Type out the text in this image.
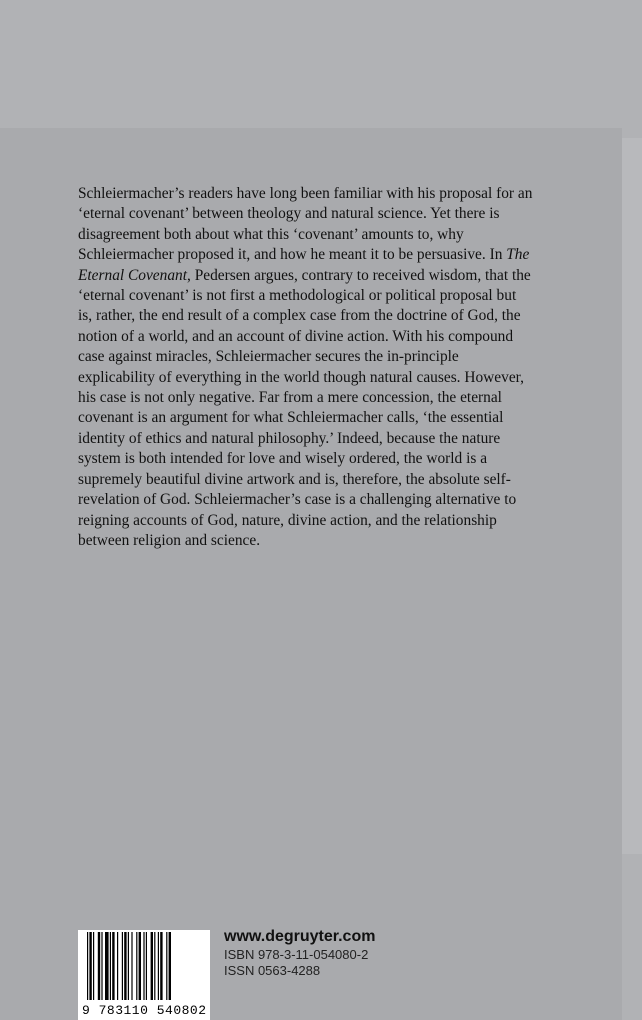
Schleiermacher’s readers have long been familiar with his proposal for an ‘eternal covenant’ between theology and natural science. Yet there is disagreement both about what this ‘covenant’ amounts to, why Schleiermacher proposed it, and how he meant it to be persuasive. In The Eternal Covenant, Pedersen argues, contrary to received wisdom, that the ‘eternal covenant’ is not first a methodological or political proposal but is, rather, the end result of a complex case from the doctrine of God, the notion of a world, and an account of divine action. With his compound case against miracles, Schleiermacher secures the in-principle explicability of everything in the world though natural causes. However, his case is not only negative. Far from a mere concession, the eternal covenant is an argument for what Schleiermacher calls, ‘the essential identity of ethics and natural philosophy.’ Indeed, because the nature system is both intended for love and wisely ordered, the world is a supremely beautiful divine artwork and is, therefore, the absolute self-revelation of God. Schleiermacher’s case is a challenging alternative to reigning accounts of God, nature, divine action, and the relationship between religion and science.

9 783110 540802
www.degruyter.com
ISBN 978-3-11-054080-2
ISSN 0563-4288
